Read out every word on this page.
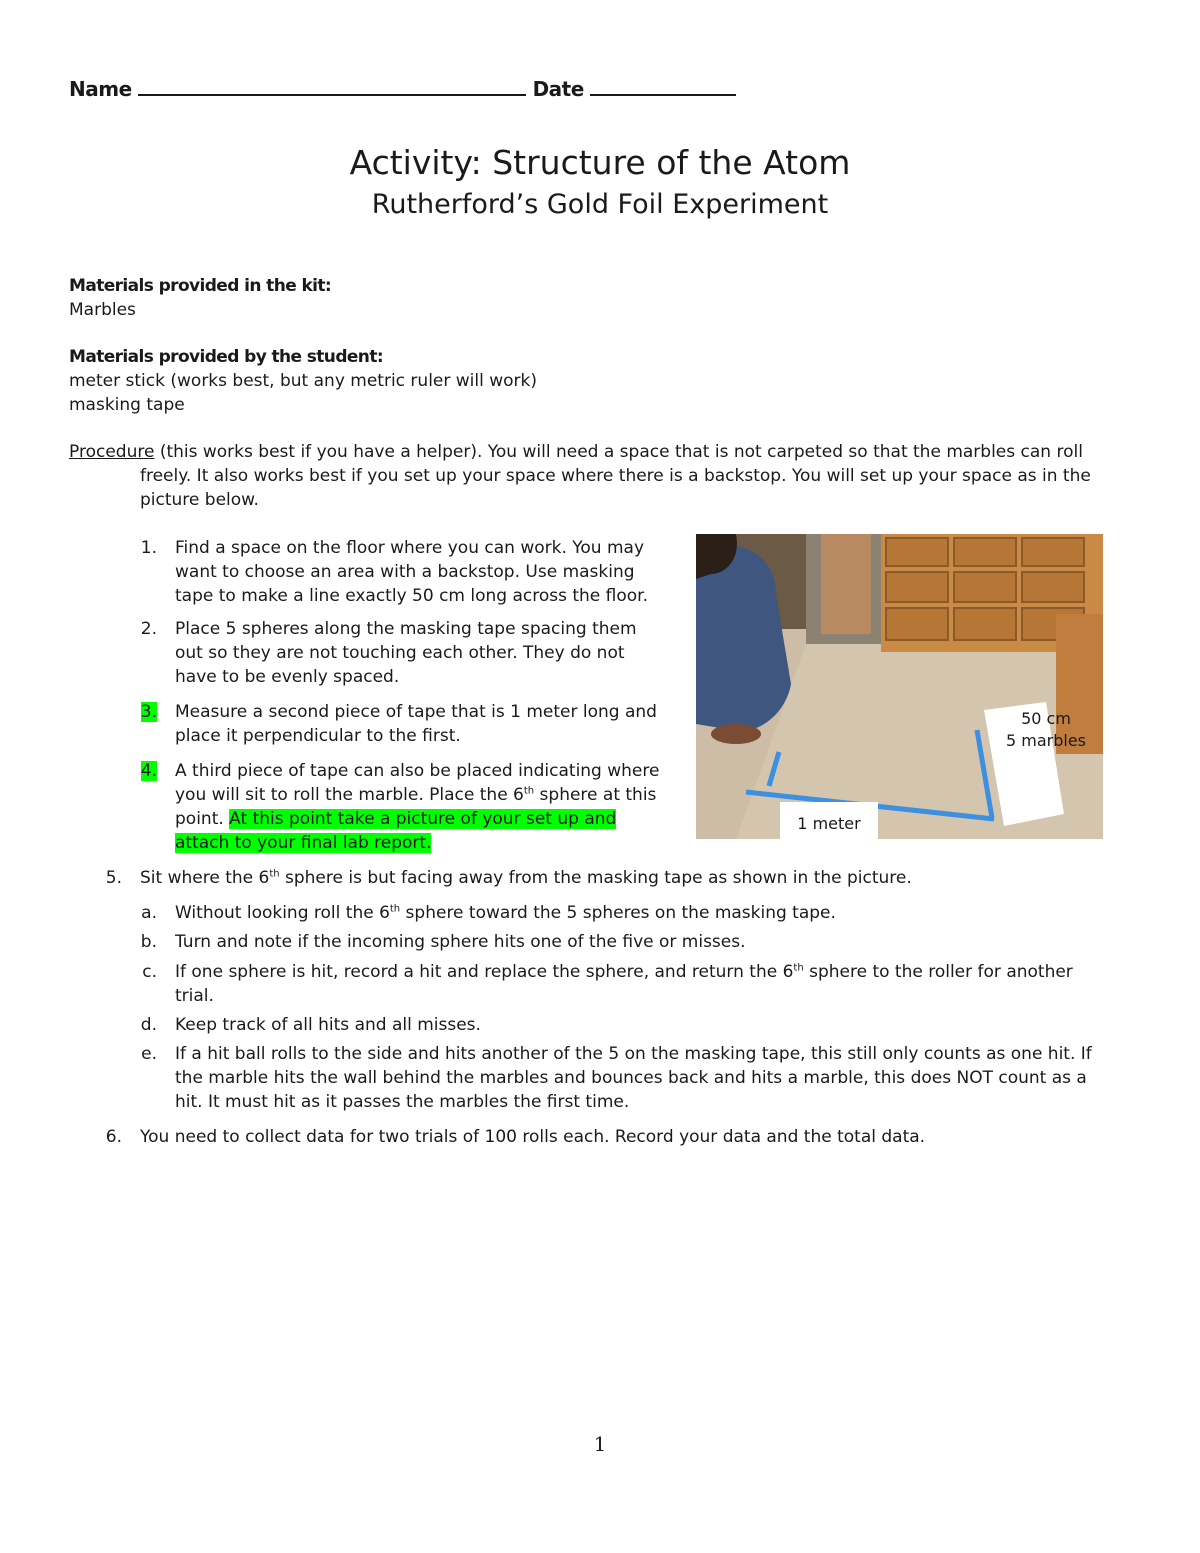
Name	Date
Activity: Structure of the Atom
Rutherford’s Gold Foil Experiment
Materials provided in the kit:
Marbles
Materials provided by the student:
meter stick (works best, but any metric ruler will work)
masking tape
Procedure (this works best if you have a helper). You will need a space that is not carpeted so that the marbles can roll
freely. It also works best if you set up your space where there is a backstop. You will set up your space as in the
picture below.
1. Find a space on the floor where you can work. You may
want to choose an area with a backstop. Use masking
tape to make a line exactly 50 cm long across the floor.
2. Place 5 spheres along the masking tape spacing them
out so they are not touching each other. They do not
have to be evenly spaced.
3. Measure a second piece of tape that is 1 meter long and
place it perpendicular to the first.
4. A third piece of tape can also be placed indicating where
you will sit to roll the marble. Place the 6th sphere at this
point. At this point take a picture of your set up and
attach to your final lab report.
50 cm
5 marbles
1 meter
5. Sit where the 6th sphere is but facing away from the masking tape as shown in the picture.
a. Without looking roll the 6th sphere toward the 5 spheres on the masking tape.
b. Turn and note if the incoming sphere hits one of the five or misses.
c. If one sphere is hit, record a hit and replace the sphere, and return the 6th sphere to the roller for another
trial.
d. Keep track of all hits and all misses.
e. If a hit ball rolls to the side and hits another of the 5 on the masking tape, this still only counts as one hit. If
the marble hits the wall behind the marbles and bounces back and hits a marble, this does NOT count as a
hit. It must hit as it passes the marbles the first time.
6. You need to collect data for two trials of 100 rolls each. Record your data and the total data.
1
